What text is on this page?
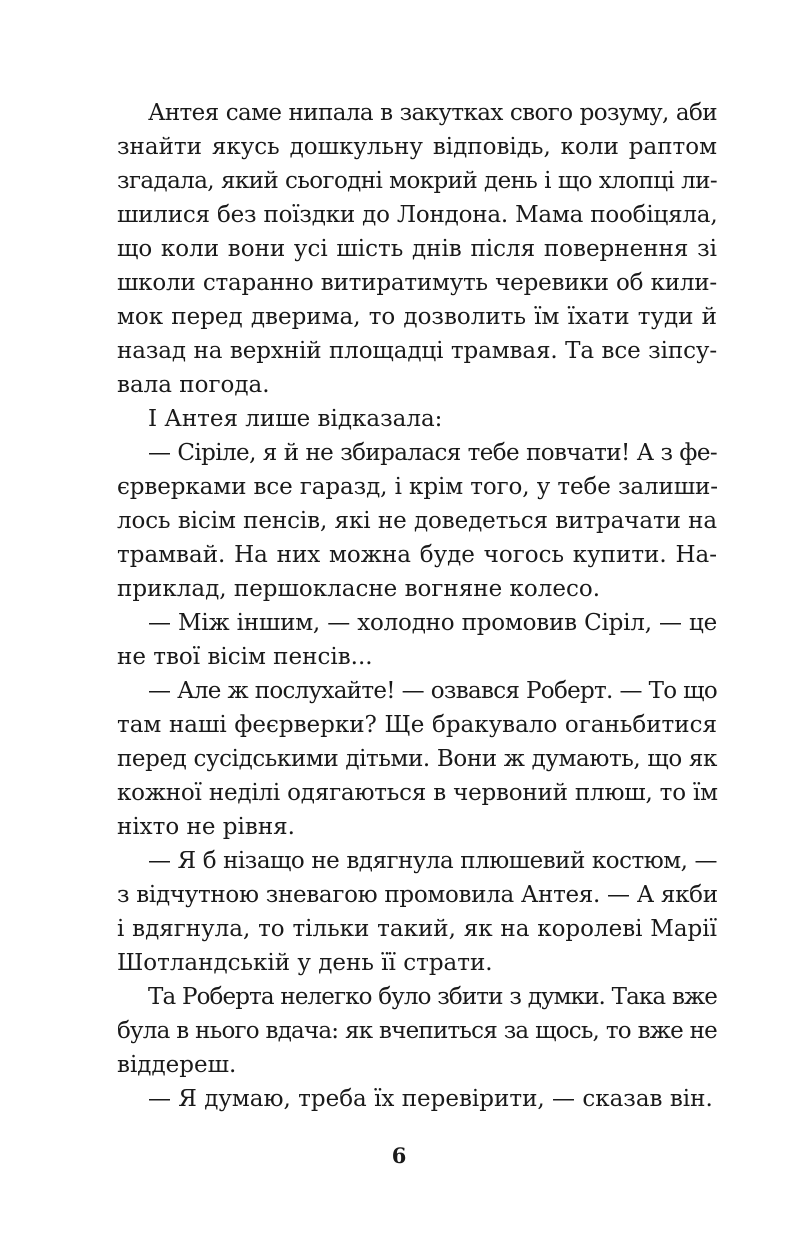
Антея саме нипала в закутках свого розуму, аби
знайти якусь дошкульну відповідь, коли раптом
згадала, який сьогодні мокрий день і що хлопці ли-
шилися без поїздки до Лондона. Мама пообіцяла,
що коли вони усі шість днів після повернення зі
школи старанно витиратимуть черевики об кили-
мок перед дверима, то дозволить їм їхати туди й
назад на верхній площадці трамвая. Та все зіпсу-
вала погода.
І Антея лише відказала:
— Сіріле, я й не збиралася тебе повчати! А з фе-
єрверками все гаразд, і крім того, у тебе залиши-
лось вісім пенсів, які не доведеться витрачати на
трамвай. На них можна буде чогось купити. На-
приклад, першокласне вогняне колесо.
— Між іншим, — холодно промовив Сіріл, — це
не твої вісім пенсів...
— Але ж послухайте! — озвався Роберт. — То що
там наші феєрверки? Ще бракувало оганьбитися
перед сусідськими дітьми. Вони ж думають, що як
кожної неділі одягаються в червоний плюш, то їм
ніхто не рівня.
— Я б нізащо не вдягнула плюшевий костюм, —
з відчутною зневагою промовила Антея. — А якби
і вдягнула, то тільки такий, як на королеві Марії
Шотландській у день її страти.
Та Роберта нелегко було збити з думки. Така вже
була в нього вдача: як вчепиться за щось, то вже не
віддереш.
— Я думаю, треба їх перевірити, — сказав він.
6
